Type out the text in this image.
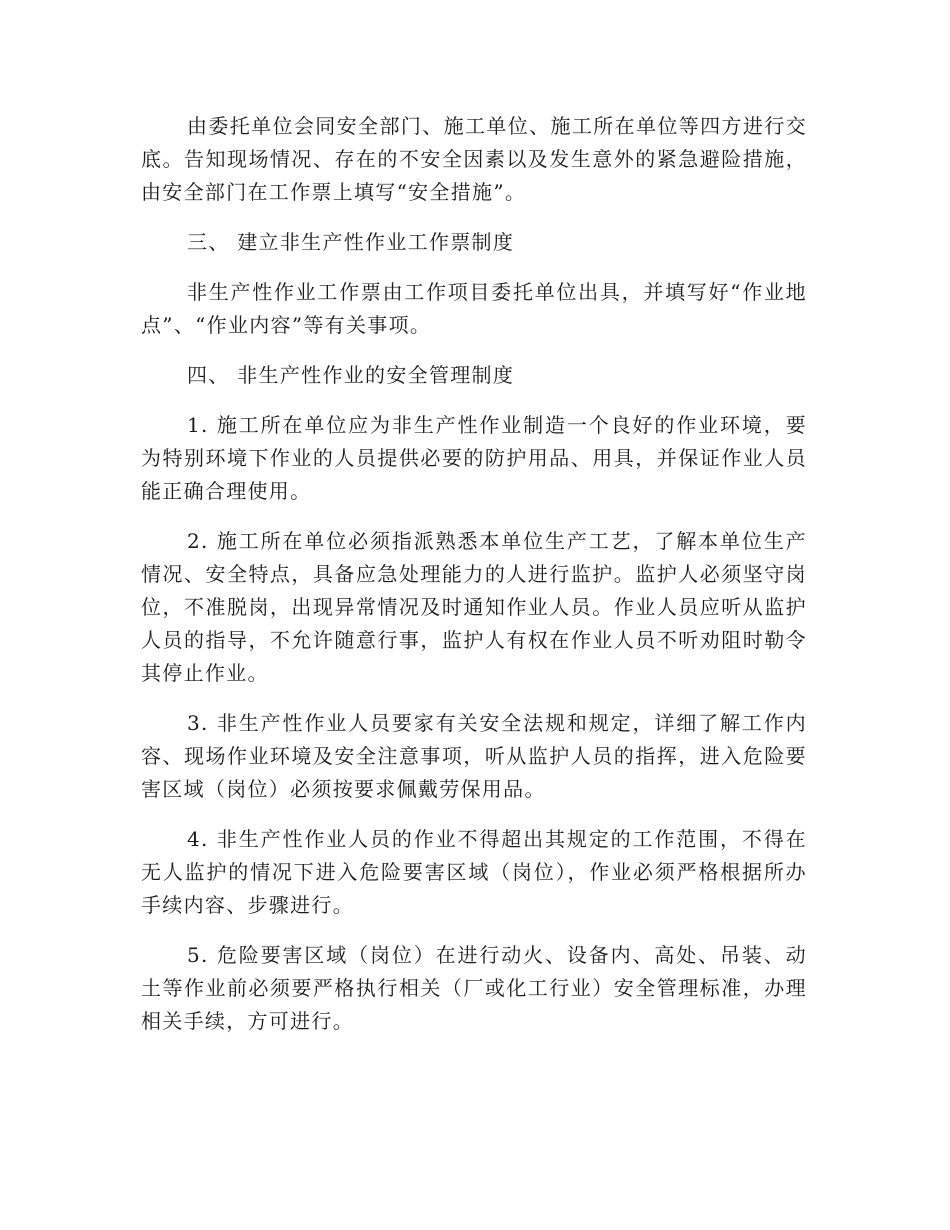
由委托单位会同安全部门、施工单位、施工所在单位等四方进行交底。告知现场情况、存在的不安全因素以及发生意外的紧急避险措施，由安全部门在工作票上填写“安全措施”。

三、 建立非生产性作业工作票制度

非生产性作业工作票由工作项目委托单位出具，并填写好“作业地点”、“作业内容”等有关事项。

四、 非生产性作业的安全管理制度

1. 施工所在单位应为非生产性作业制造一个良好的作业环境，要为特别环境下作业的人员提供必要的防护用品、用具，并保证作业人员能正确合理使用。

2. 施工所在单位必须指派熟悉本单位生产工艺，了解本单位生产情况、安全特点，具备应急处理能力的人进行监护。监护人必须坚守岗位，不准脱岗，出现异常情况及时通知作业人员。作业人员应听从监护人员的指导，不允许随意行事，监护人有权在作业人员不听劝阻时勒令其停止作业。

3. 非生产性作业人员要家有关安全法规和规定，详细了解工作内容、现场作业环境及安全注意事项，听从监护人员的指挥，进入危险要害区域（岗位）必须按要求佩戴劳保用品。

4. 非生产性作业人员的作业不得超出其规定的工作范围，不得在无人监护的情况下进入危险要害区域（岗位），作业必须严格根据所办手续内容、步骤进行。

5. 危险要害区域（岗位）在进行动火、设备内、高处、吊装、动土等作业前必须要严格执行相关（厂或化工行业）安全管理标准，办理相关手续，方可进行。
